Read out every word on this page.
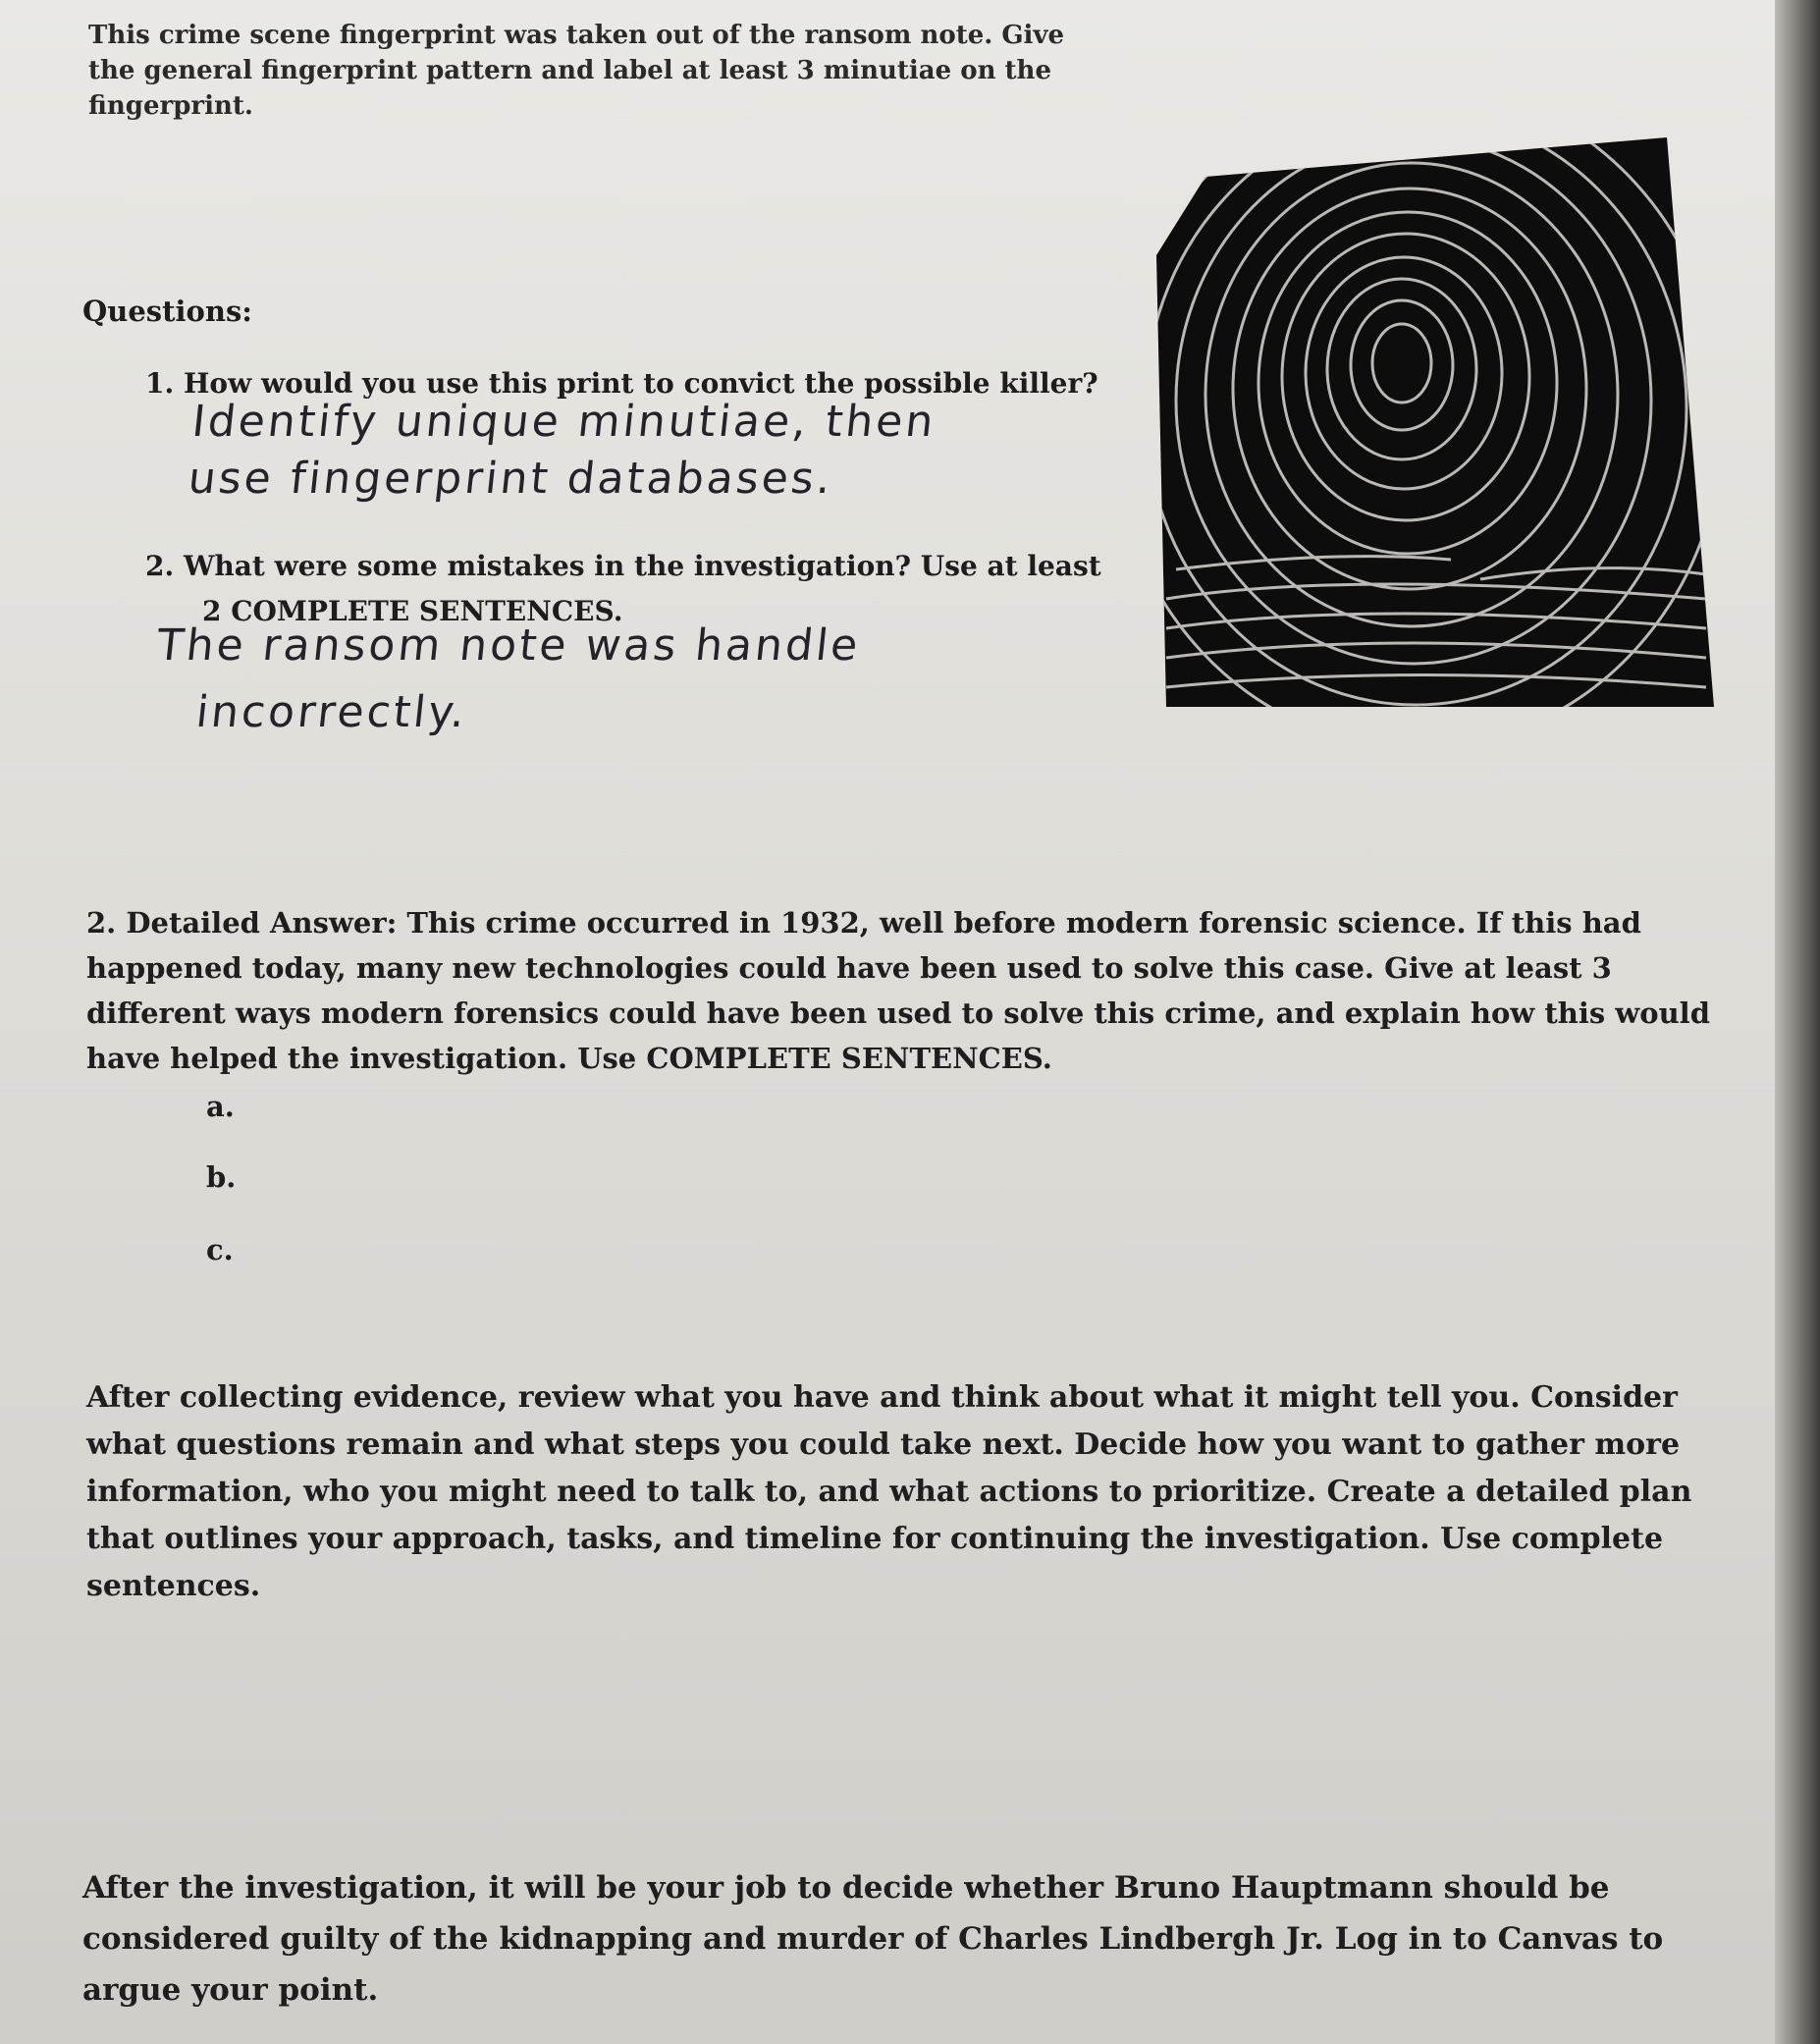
This crime scene fingerprint was taken out of the ransom note. Give the general fingerprint pattern and label at least 3 minutiae on the fingerprint.

Questions:

1. How would you use this print to convict the possible killer?

Identify unique minutiae, then
use fingerprint databases.

2. What were some mistakes in the investigation? Use at least

2 COMPLETE SENTENCES.

The ransom note was handle
incorrectly.

2. Detailed Answer: This crime occurred in 1932, well before modern forensic science. If this had happened today, many new technologies could have been used to solve this case. Give at least 3 different ways modern forensics could have been used to solve this crime, and explain how this would have helped the investigation. Use COMPLETE SENTENCES.

a.

b.

c.

After collecting evidence, review what you have and think about what it might tell you. Consider what questions remain and what steps you could take next. Decide how you want to gather more information, who you might need to talk to, and what actions to prioritize. Create a detailed plan that outlines your approach, tasks, and timeline for continuing the investigation. Use complete sentences.

After the investigation, it will be your job to decide whether Bruno Hauptmann should be considered guilty of the kidnapping and murder of Charles Lindbergh Jr. Log in to Canvas to argue your point.
